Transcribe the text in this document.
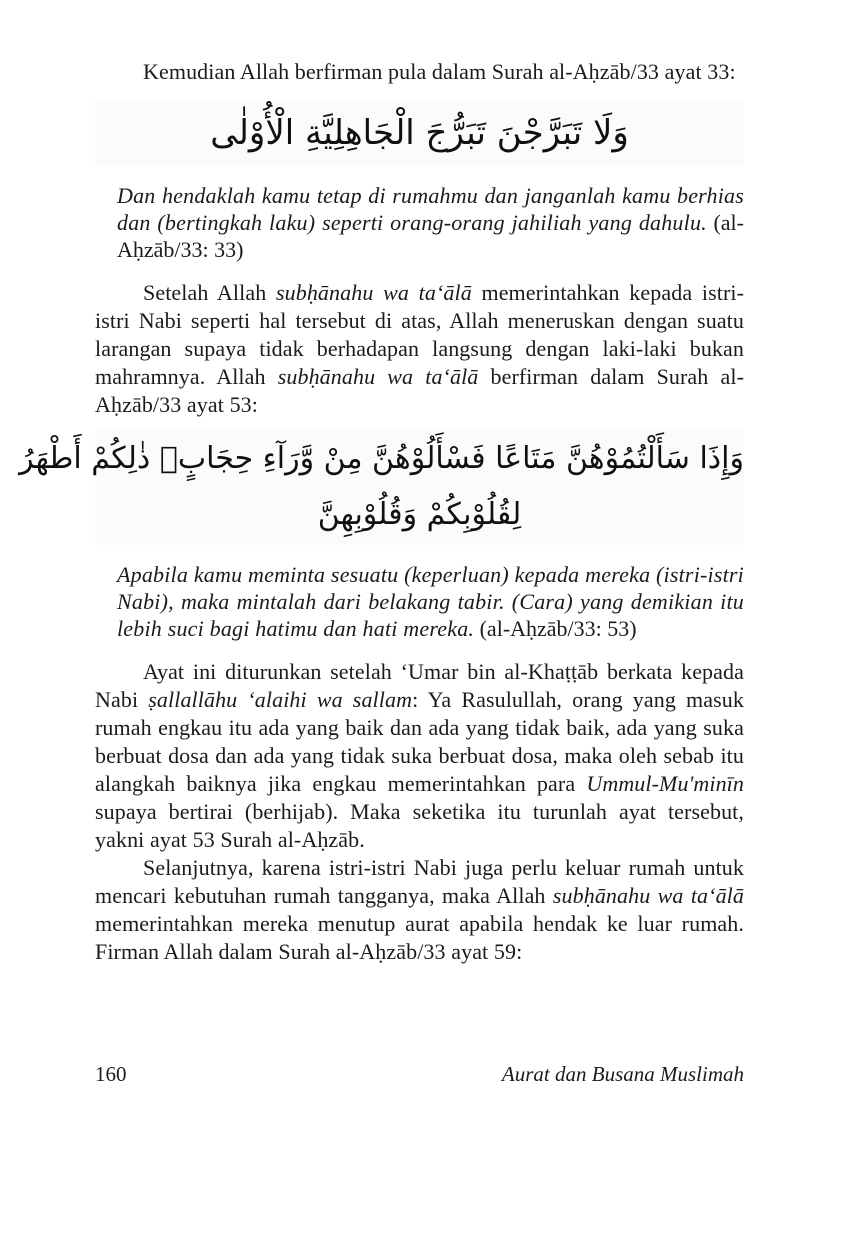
Kemudian Allah berfirman pula dalam Surah al-Aḥzāb/33 ayat 33:

وَلَا تَبَرَّجْنَ تَبَرُّجَ الْجَاهِلِيَّةِ الْأُوْلٰى

Dan hendaklah kamu tetap di rumahmu dan janganlah kamu berhias dan (bertingkah laku) seperti orang-orang jahiliah yang dahulu. (al-Aḥzāb/33: 33)

Setelah Allah subḥānahu wa ta‘ālā memerintahkan kepada istri-istri Nabi seperti hal tersebut di atas, Allah meneruskan dengan suatu larangan supaya tidak berhadapan langsung dengan laki-laki bukan mahramnya. Allah subḥānahu wa ta‘ālā berfirman dalam Surah al-Aḥzāb/33 ayat 53:

وَإِذَا سَأَلْتُمُوْهُنَّ مَتَاعًا فَسْأَلُوْهُنَّ مِنْ وَّرَآءِ حِجَابٍۚ ذٰلِكُمْ أَطْهَرُ
لِقُلُوْبِكُمْ وَقُلُوْبِهِنَّ

Apabila kamu meminta sesuatu (keperluan) kepada mereka (istri-istri Nabi), maka mintalah dari belakang tabir. (Cara) yang demikian itu lebih suci bagi hatimu dan hati mereka. (al-Aḥzāb/33: 53)

Ayat ini diturunkan setelah ‘Umar bin al-Khaṭṭāb berkata kepada Nabi ṣallallāhu ‘alaihi wa sallam: Ya Rasulullah, orang yang masuk rumah engkau itu ada yang baik dan ada yang tidak baik, ada yang suka berbuat dosa dan ada yang tidak suka berbuat dosa, maka oleh sebab itu alangkah baiknya jika engkau memerintahkan para Ummul-Mu'minīn supaya bertirai (berhijab). Maka seketika itu turunlah ayat tersebut, yakni ayat 53 Surah al-Aḥzāb.

Selanjutnya, karena istri-istri Nabi juga perlu keluar rumah untuk mencari kebutuhan rumah tangganya, maka Allah subḥānahu wa ta‘ālā memerintahkan mereka menutup aurat apabila hendak ke luar rumah. Firman Allah dalam Surah al-Aḥzāb/33 ayat 59:

160	Aurat dan Busana Muslimah
